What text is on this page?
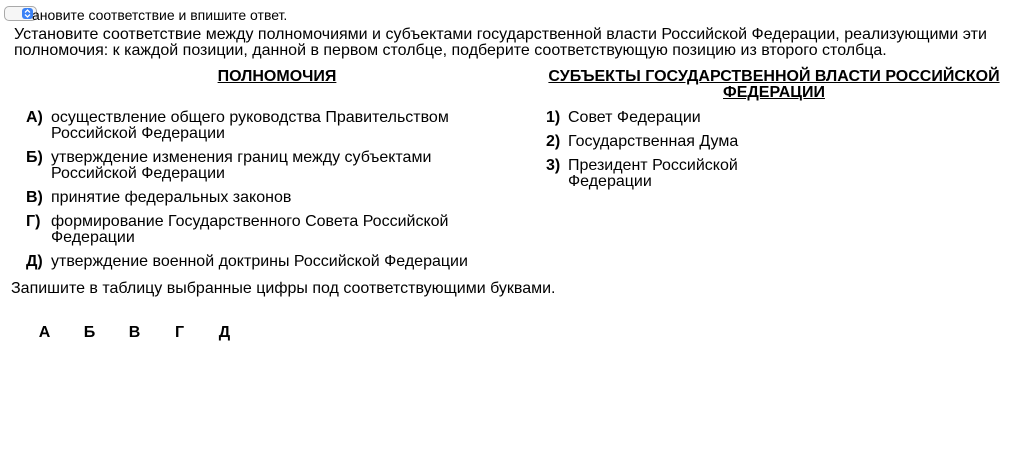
ановите соответствие и впишите ответ.
Установите соответствие между полномочиями и субъектами государственной власти Российской Федерации, реализующими эти полномочия: к каждой позиции, данной в первом столбце, подберите соответствующую позицию из второго столбца.
ПОЛНОМОЧИЯ	СУБЪЕКТЫ ГОСУДАРСТВЕННОЙ ВЛАСТИ РОССИЙСКОЙ ФЕДЕРАЦИИ
А) осуществление общего руководства Правительством Российской Федерации
Б) утверждение изменения границ между субъектами Российской Федерации
В) принятие федеральных законов
Г) формирование Государственного Совета Российской Федерации
Д) утверждение военной доктрины Российской Федерации
1) Совет Федерации
2) Государственная Дума
3) Президент Российской Федерации
Запишите в таблицу выбранные цифры под соответствующими буквами.
А	Б	В	Г	Д
